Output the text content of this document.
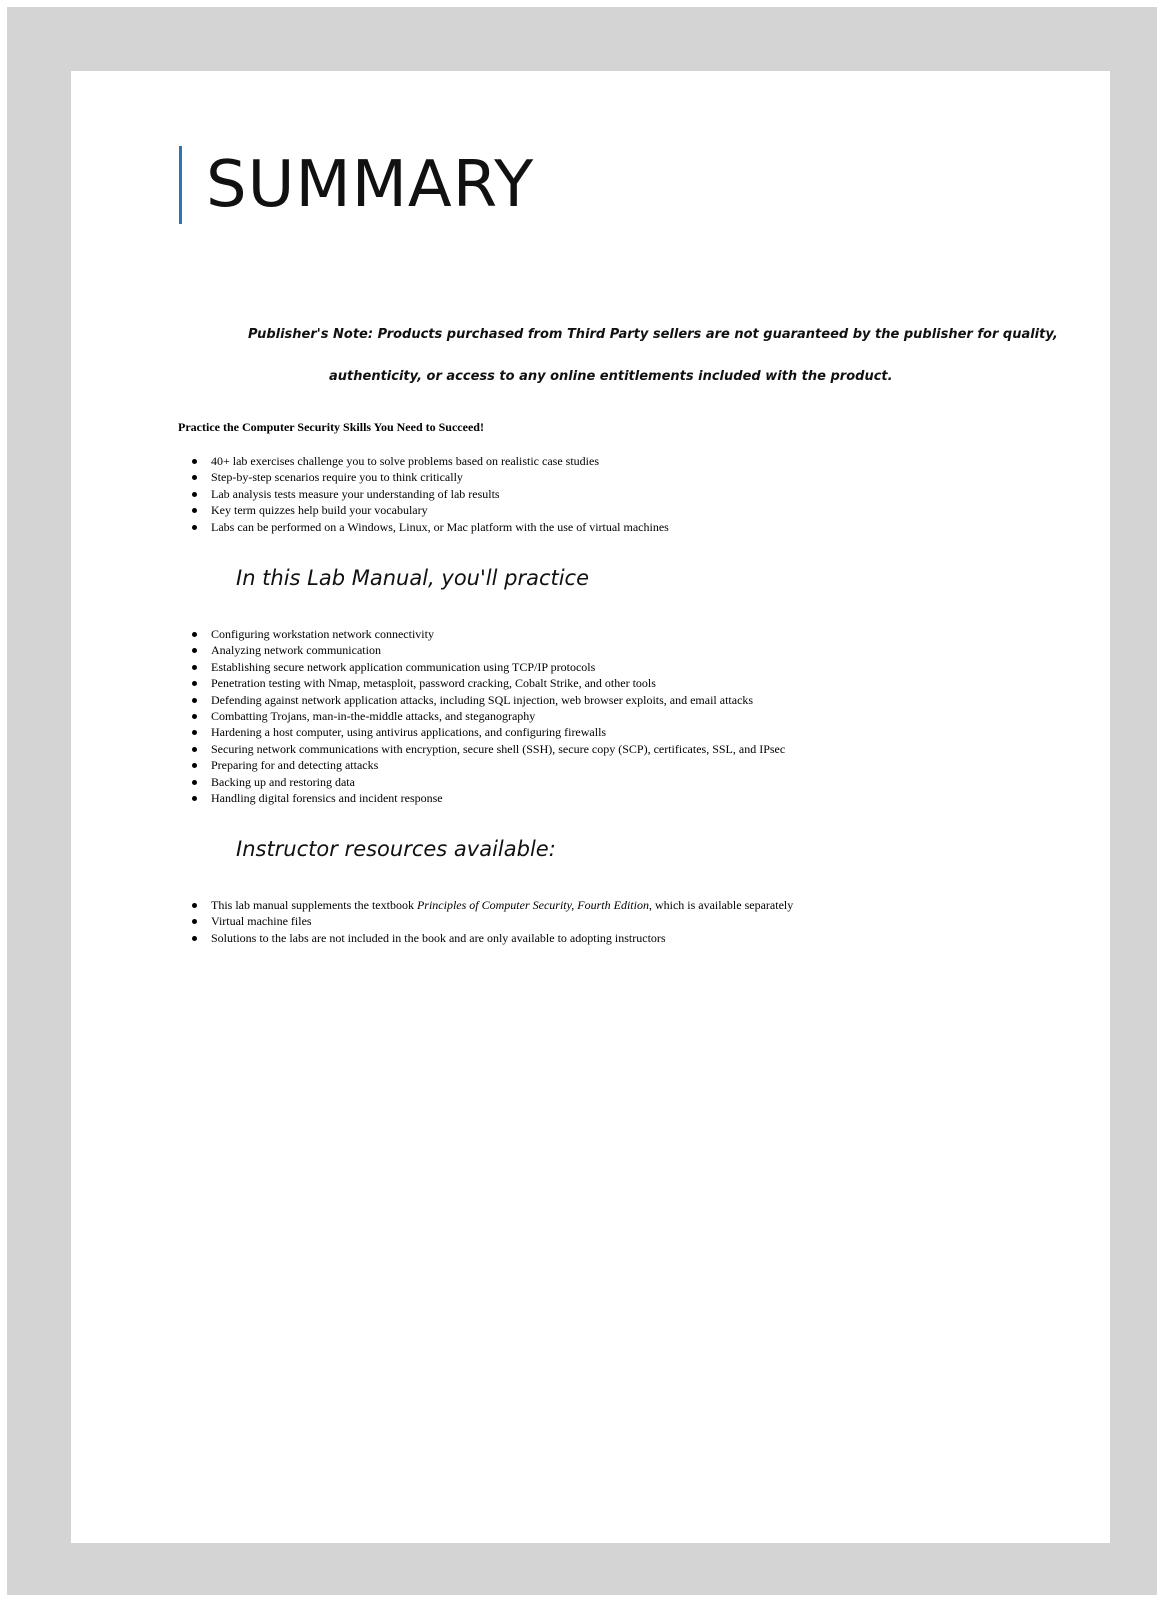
SUMMARY
Publisher's Note: Products purchased from Third Party sellers are not guaranteed by the publisher for quality,
authenticity, or access to any online entitlements included with the product.
Practice the Computer Security Skills You Need to Succeed!
40+ lab exercises challenge you to solve problems based on realistic case studies
Step-by-step scenarios require you to think critically
Lab analysis tests measure your understanding of lab results
Key term quizzes help build your vocabulary
Labs can be performed on a Windows, Linux, or Mac platform with the use of virtual machines
In this Lab Manual, you'll practice
Configuring workstation network connectivity
Analyzing network communication
Establishing secure network application communication using TCP/IP protocols
Penetration testing with Nmap, metasploit, password cracking, Cobalt Strike, and other tools
Defending against network application attacks, including SQL injection, web browser exploits, and email attacks
Combatting Trojans, man-in-the-middle attacks, and steganography
Hardening a host computer, using antivirus applications, and configuring firewalls
Securing network communications with encryption, secure shell (SSH), secure copy (SCP), certificates, SSL, and IPsec
Preparing for and detecting attacks
Backing up and restoring data
Handling digital forensics and incident response
Instructor resources available:
This lab manual supplements the textbook Principles of Computer Security, Fourth Edition, which is available separately
Virtual machine files
Solutions to the labs are not included in the book and are only available to adopting instructors
